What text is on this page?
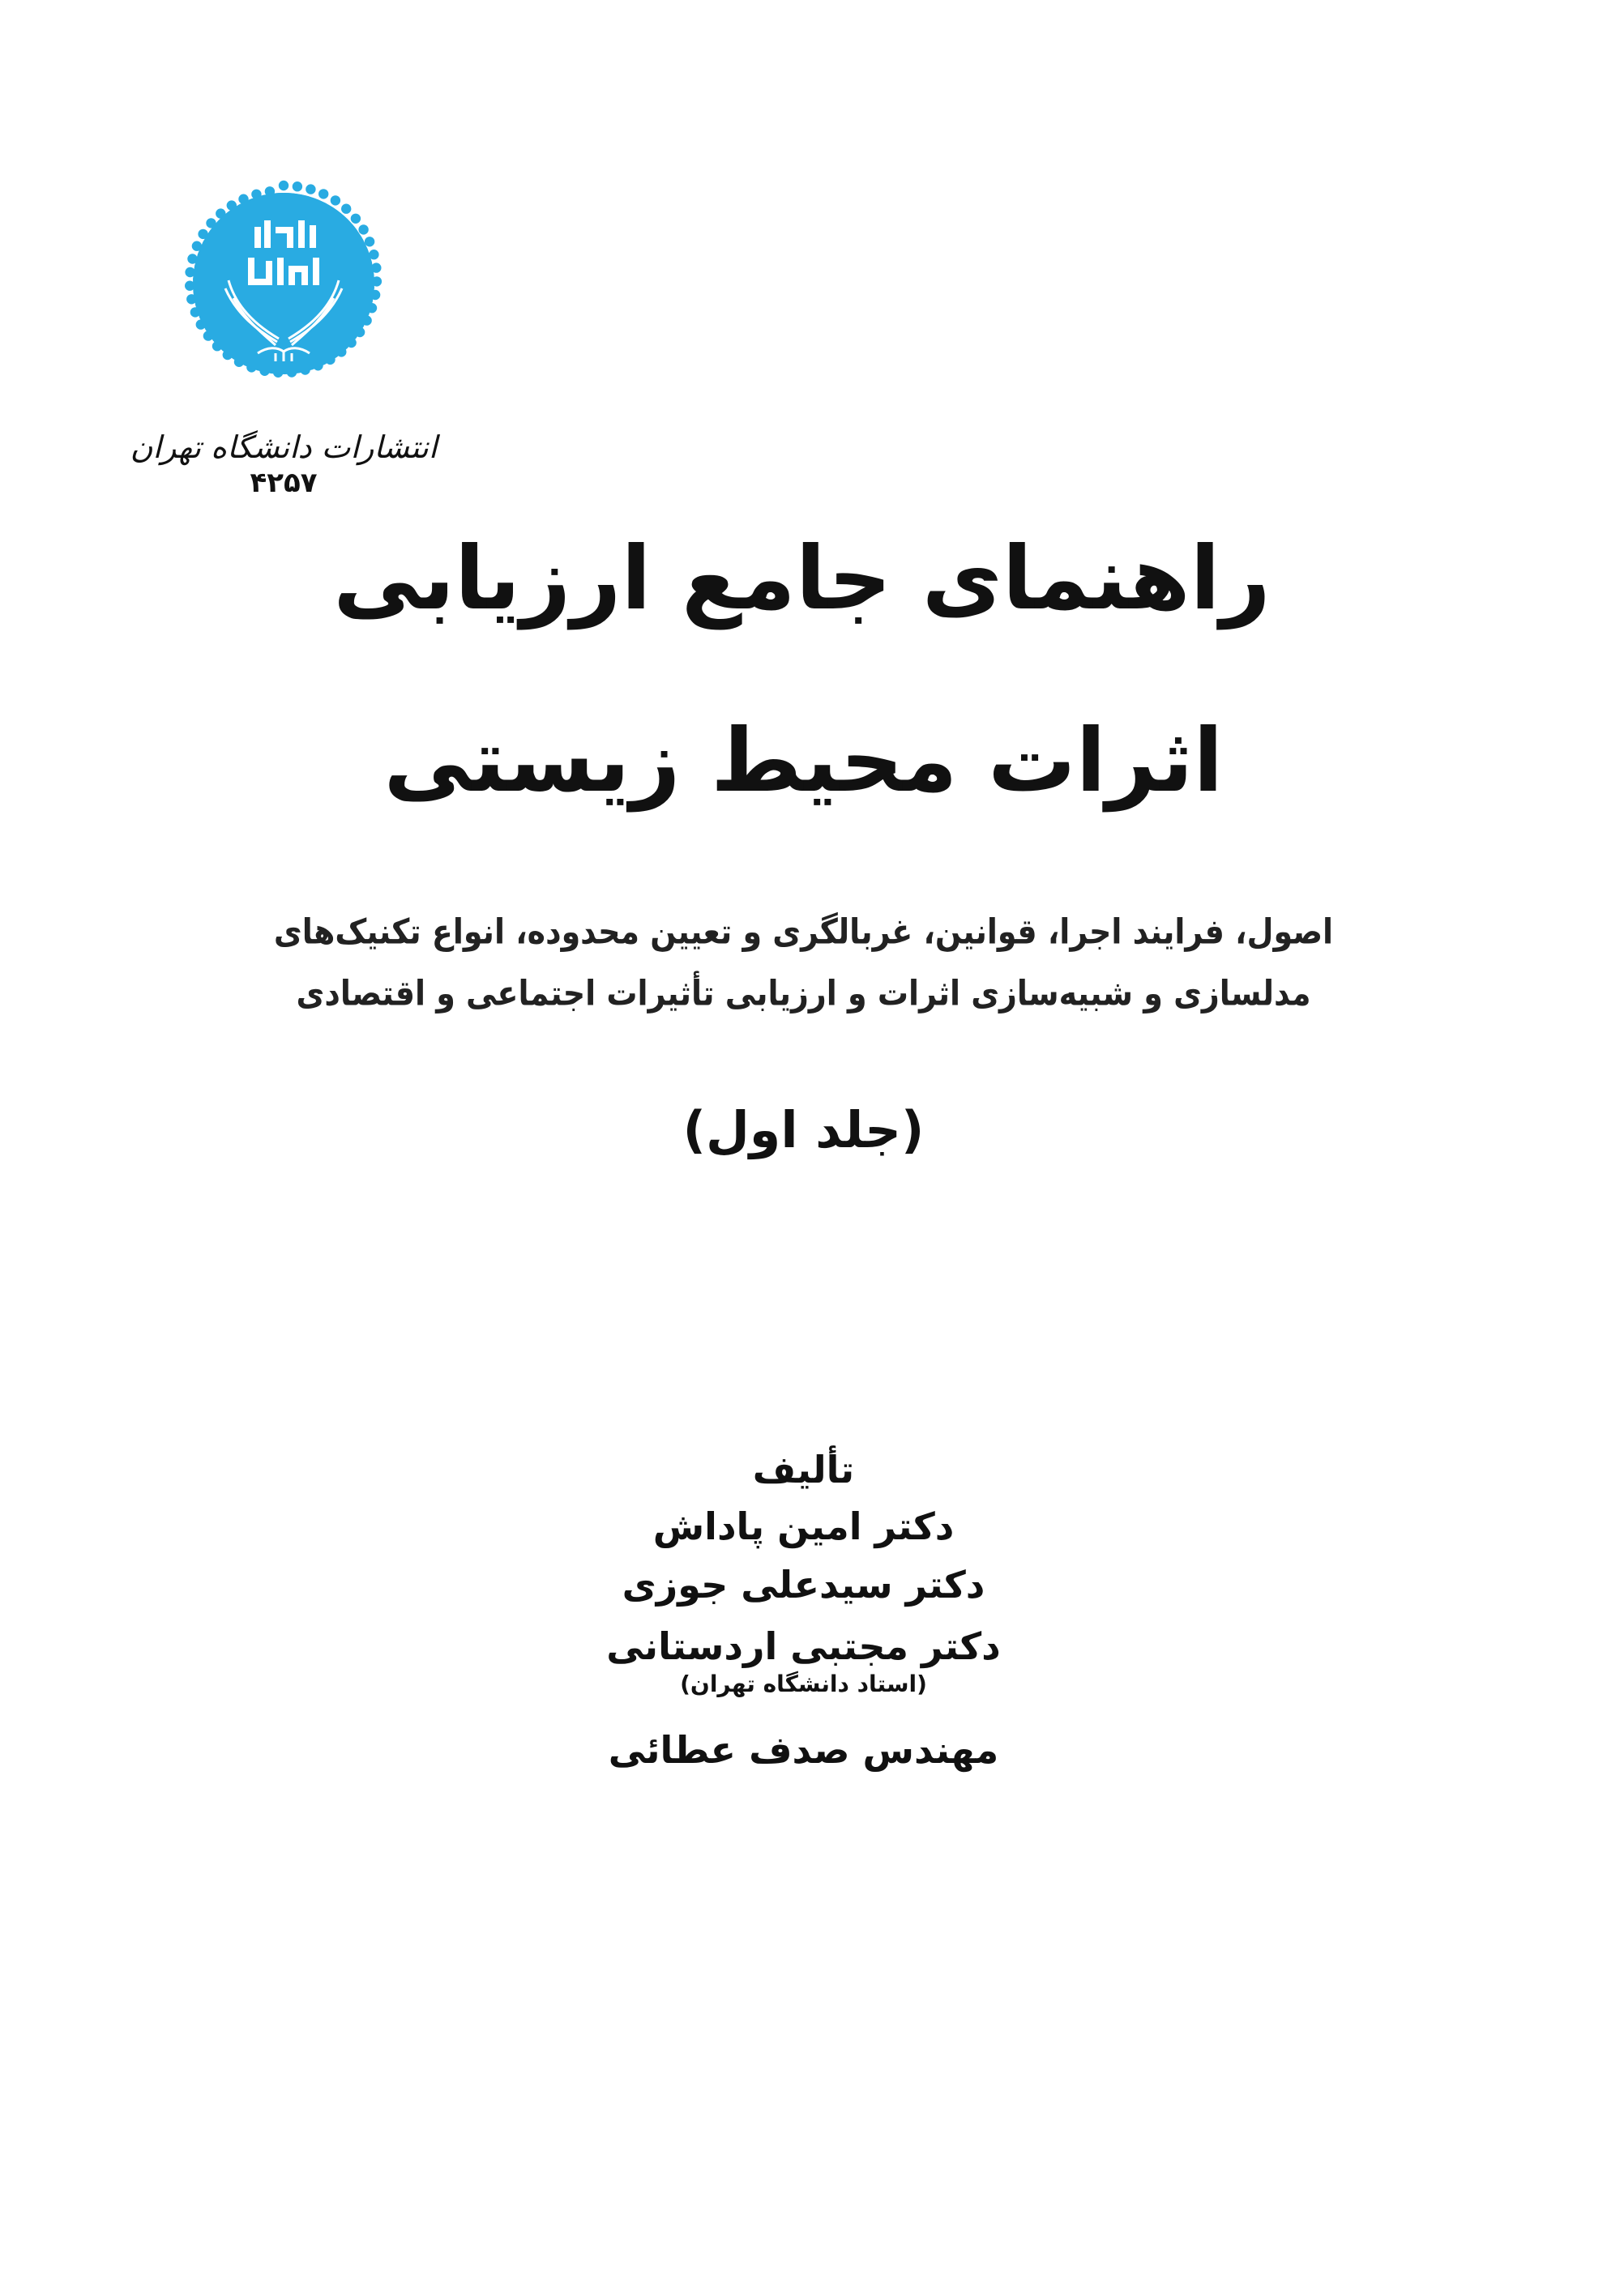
انتشارات دانشگاه تهران
۴۲۵۷
راهنمای جامع ارزیابی
اثرات محیط زیستی
اصول، فرایند اجرا، قوانین، غربالگری و تعیین محدوده، انواع تکنیک‌های
مدلسازی و شبیه‌سازی اثرات و ارزیابی تأثیرات اجتماعی و اقتصادی
(جلد اول)
تألیف
دکتر امین پاداش
دکتر سیدعلی جوزی
دکتر مجتبی اردستانی
(استاد دانشگاه تهران)
مهندس صدف عطائی
